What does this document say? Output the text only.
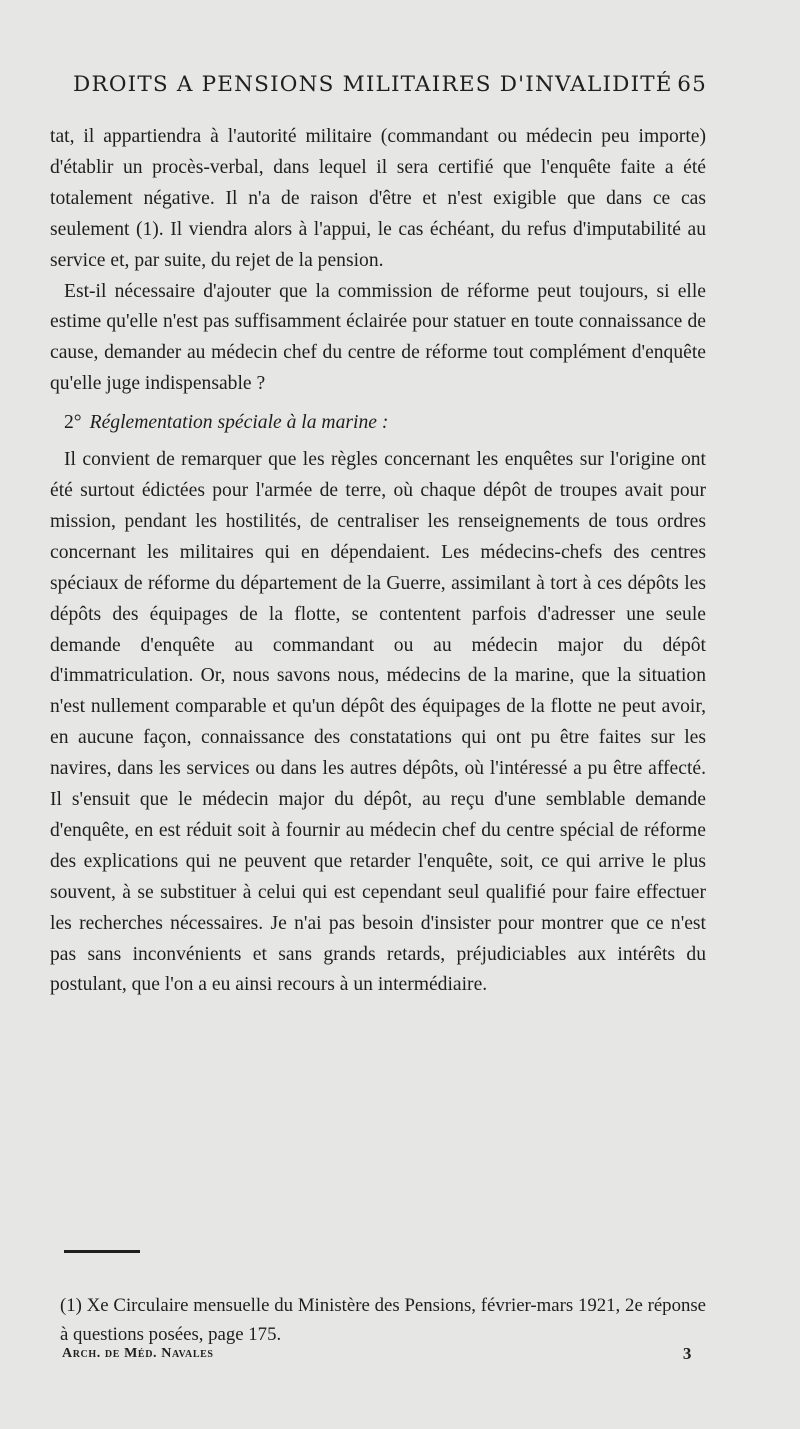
DROITS A PENSIONS MILITAIRES D'INVALIDITÉ 65

tat, il appartiendra à l'autorité militaire (commandant ou médecin peu importe) d'établir un procès-verbal, dans lequel il sera certifié que l'enquête faite a été totalement négative. Il n'a de raison d'être et n'est exigible que dans ce cas seulement (1). Il viendra alors à l'appui, le cas échéant, du refus d'imputabilité au service et, par suite, du rejet de la pension.

Est-il nécessaire d'ajouter que la commission de réforme peut toujours, si elle estime qu'elle n'est pas suffisamment éclairée pour statuer en toute connaissance de cause, demander au médecin chef du centre de réforme tout complément d'enquête qu'elle juge indispensable ?

2° Réglementation spéciale à la marine :

Il convient de remarquer que les règles concernant les enquêtes sur l'origine ont été surtout édictées pour l'armée de terre, où chaque dépôt de troupes avait pour mission, pendant les hostilités, de centraliser les renseignements de tous ordres concernant les militaires qui en dépendaient. Les médecins-chefs des centres spéciaux de réforme du département de la Guerre, assimilant à tort à ces dépôts les dépôts des équipages de la flotte, se contentent parfois d'adresser une seule demande d'enquête au commandant ou au médecin major du dépôt d'immatriculation. Or, nous savons nous, médecins de la marine, que la situation n'est nullement comparable et qu'un dépôt des équipages de la flotte ne peut avoir, en aucune façon, connaissance des constatations qui ont pu être faites sur les navires, dans les services ou dans les autres dépôts, où l'intéressé a pu être affecté. Il s'ensuit que le médecin major du dépôt, au reçu d'une semblable demande d'enquête, en est réduit soit à fournir au médecin chef du centre spécial de réforme des explications qui ne peuvent que retarder l'enquête, soit, ce qui arrive le plus souvent, à se substituer à celui qui est cependant seul qualifié pour faire effectuer les recherches nécessaires. Je n'ai pas besoin d'insister pour montrer que ce n'est pas sans inconvénients et sans grands retards, préjudiciables aux intérêts du postulant, que l'on a eu ainsi recours à un intermédiaire.

(1) Xe Circulaire mensuelle du Ministère des Pensions, février-mars 1921, 2e réponse à questions posées, page 175.

Arch. de Méd. Navales	3
